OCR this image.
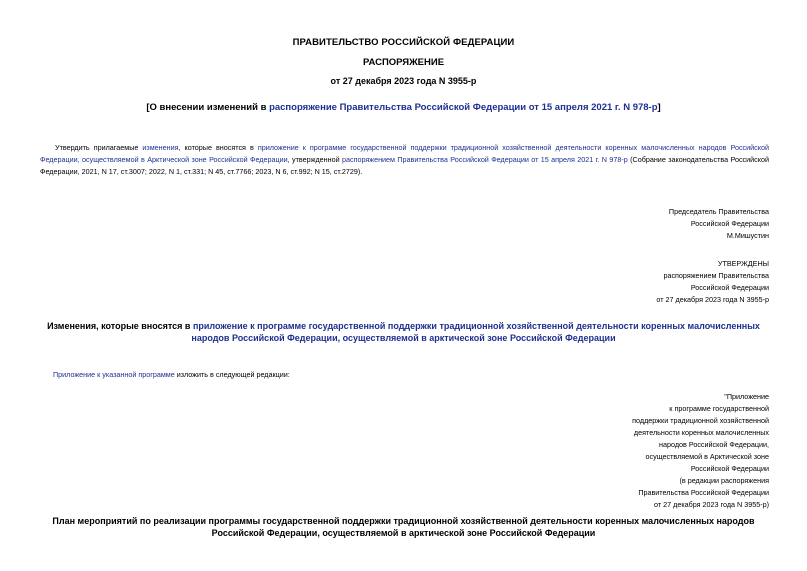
ПРАВИТЕЛЬСТВО РОССИЙСКОЙ ФЕДЕРАЦИИ
РАСПОРЯЖЕНИЕ
от 27 декабря 2023 года N 3955-р
[О внесении изменений в распоряжение Правительства Российской Федерации от 15 апреля 2021 г. N 978-р]
Утвердить прилагаемые изменения, которые вносятся в приложение к программе государственной поддержки традиционной хозяйственной деятельности коренных малочисленных народов Российской Федерации, осуществляемой в Арктической зоне Российской Федерации, утвержденной распоряжением Правительства Российской Федерации от 15 апреля 2021 г. N 978-р (Собрание законодательства Российской Федерации, 2021, N 17, ст.3007; 2022, N 1, ст.331; N 45, ст.7766; 2023, N 6, ст.992; N 15, ст.2729).
Председатель Правительства
Российской Федерации
М.Мишустин
УТВЕРЖДЕНЫ
распоряжением Правительства
Российской Федерации
от 27 декабря 2023 года N 3955-р
Изменения, которые вносятся в приложение к программе государственной поддержки традиционной хозяйственной деятельности коренных малочисленных народов Российской Федерации, осуществляемой в арктической зоне Российской Федерации
Приложение к указанной программе изложить в следующей редакции:
"Приложение
к программе государственной
поддержки традиционной хозяйственной
деятельности коренных малочисленных
народов Российской Федерации,
осуществляемой в Арктической зоне
Российской Федерации
(в редакции распоряжения
Правительства Российской Федерации
от 27 декабря 2023 года N 3955-р)
План мероприятий по реализации программы государственной поддержки традиционной хозяйственной деятельности коренных малочисленных народов Российской Федерации, осуществляемой в арктической зоне Российской Федерации
